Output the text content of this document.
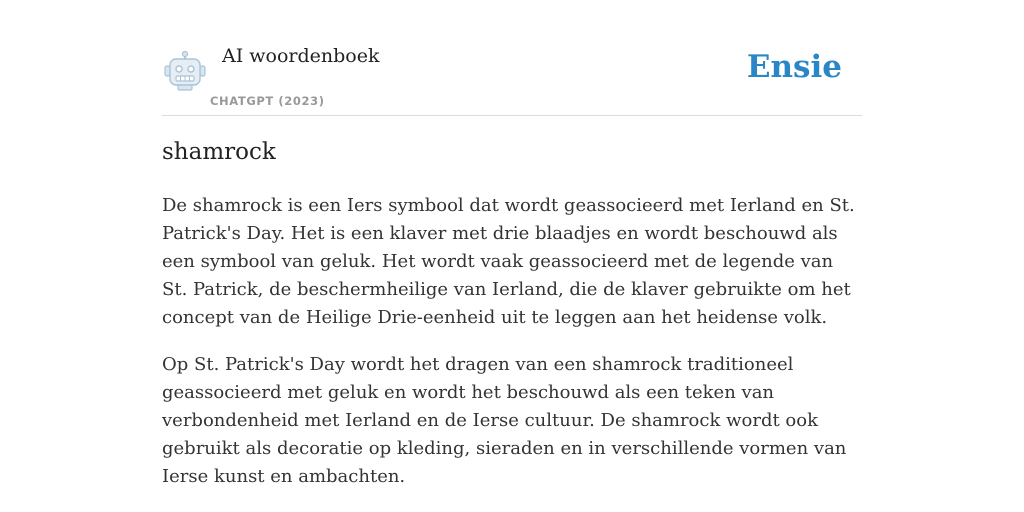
AI woordenboek
CHATGPT (2023)
Ensie
shamrock

De shamrock is een Iers symbool dat wordt geassocieerd met Ierland en St. Patrick's Day. Het is een klaver met drie blaadjes en wordt beschouwd als een symbool van geluk. Het wordt vaak geassocieerd met de legende van St. Patrick, de beschermheilige van Ierland, die de klaver gebruikte om het concept van de Heilige Drie-eenheid uit te leggen aan het heidense volk.

Op St. Patrick's Day wordt het dragen van een shamrock traditioneel geassocieerd met geluk en wordt het beschouwd als een teken van verbondenheid met Ierland en de Ierse cultuur. De shamrock wordt ook gebruikt als decoratie op kleding, sieraden en in verschillende vormen van Ierse kunst en ambachten.
